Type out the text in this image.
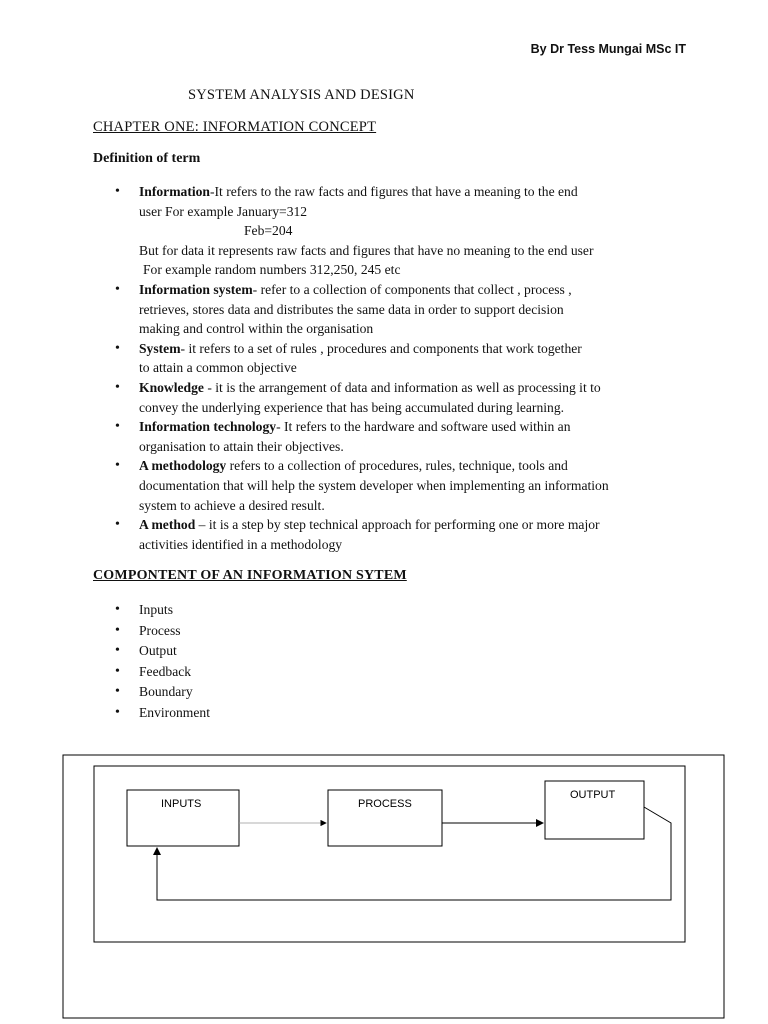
By Dr Tess Mungai MSc IT
SYSTEM ANALYSIS AND DESIGN
CHAPTER ONE: INFORMATION CONCEPT
Definition of term
• Information-It refers to the raw facts and figures that have a meaning to the end
user For example January=312
Feb=204
But for data it represents raw facts and figures that have no meaning to the end user
For example random numbers 312,250, 245 etc
• Information system- refer to a collection of components that collect , process ,
retrieves, stores data and distributes the same data in order to support decision
making and control within the organisation
• System- it refers to a set of rules , procedures and components that work together
to attain a common objective
• Knowledge - it is the arrangement of data and information as well as processing it to
convey the underlying experience that has being accumulated during learning.
• Information technology- It refers to the hardware and software used within an
organisation to attain their objectives.
• A methodology refers to a collection of procedures, rules, technique, tools and
documentation that will help the system developer when implementing an information
system to achieve a desired result.
• A method – it is a step by step technical approach for performing one or more major
activities identified in a methodology
COMPONTENT OF AN INFORMATION SYTEM
• Inputs
• Process
• Output
• Feedback
• Boundary
• Environment
INPUTS	PROCESS
OUTPUT
